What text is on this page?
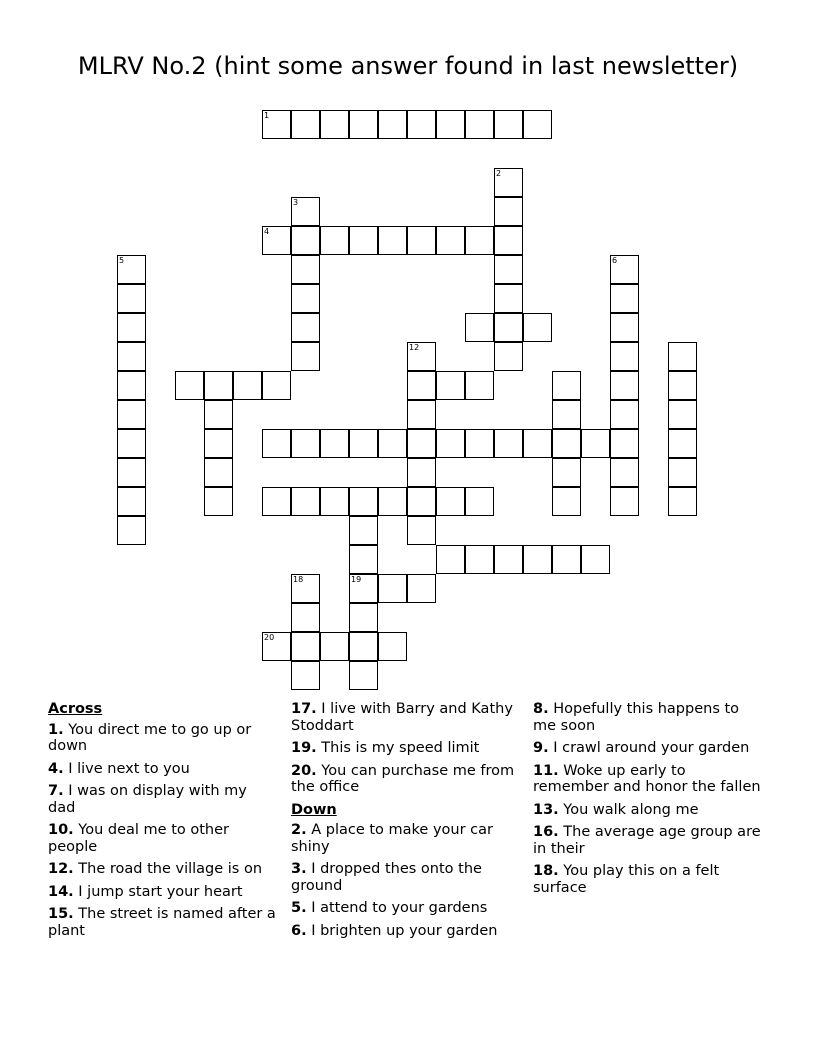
MLRV No.2 (hint some answer found in last newsletter)
1
2
3
4
5	6
12
19
18
20
Across
1. You direct me to go up or down
4. I live next to you
7. I was on display with my dad
10. You deal me to other people
12. The road the village is on
14. I jump start your heart
15. The street is named after a plant
17. I live with Barry and Kathy Stoddart
19. This is my speed limit
20. You can purchase me from the office
Down
2. A place to make your car shiny
3. I dropped thes onto the ground
5. I attend to your gardens
6. I brighten up your garden
8. Hopefully this happens to me soon
9. I crawl around your garden
11. Woke up early to remember and honor the fallen
13. You walk along me
16. The average age group are in their
18. You play this on a felt surface
